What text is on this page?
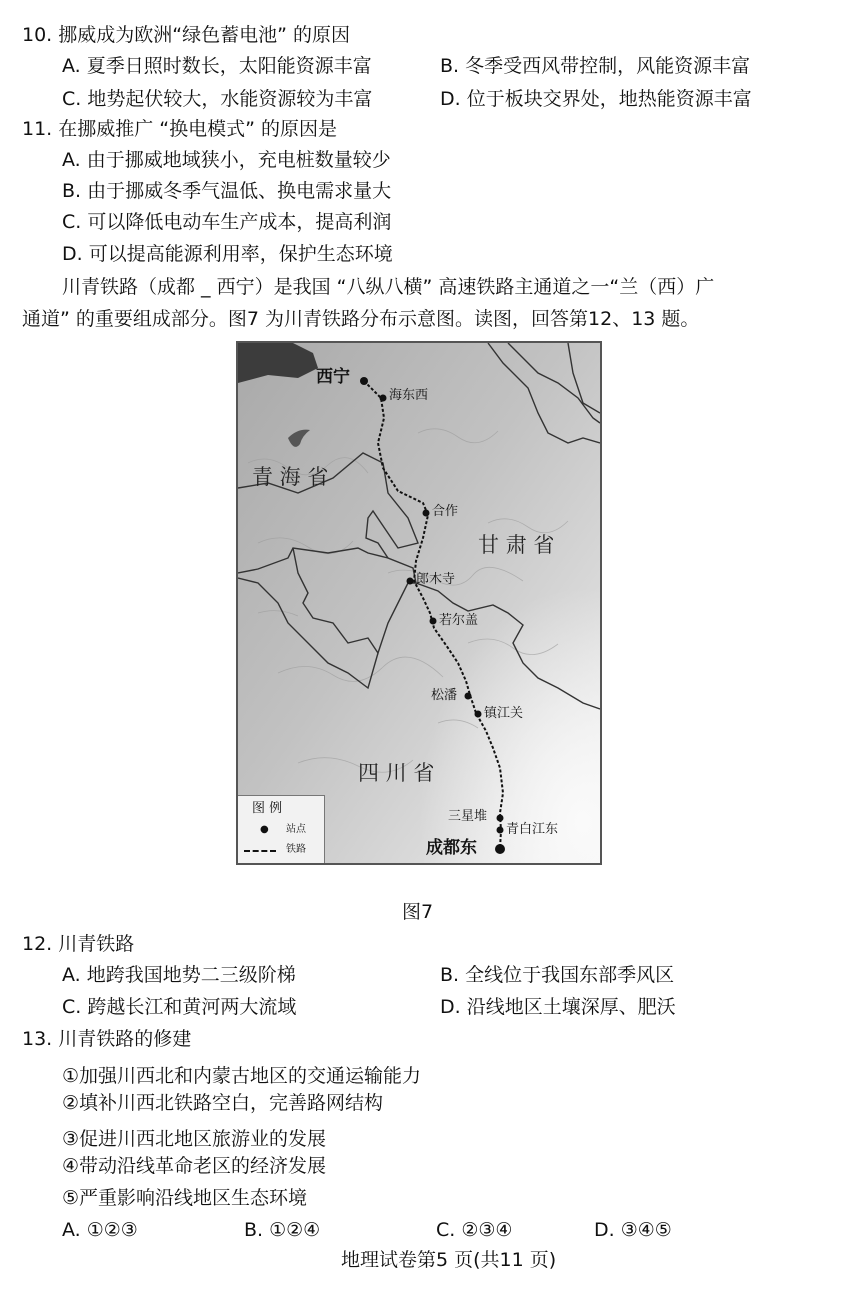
10. 挪威成为欧洲“绿色蓄电池” 的原因
A. 夏季日照时数长，太阳能资源丰富	B. 冬季受西风带控制，风能资源丰富
C. 地势起伏较大，水能资源较为丰富	D. 位于板块交界处，地热能资源丰富
11. 在挪威推广 “换电模式” 的原因是
A. 由于挪威地域狭小，充电桩数量较少
B. 由于挪威冬季气温低、换电需求量大
C. 可以降低电动车生产成本，提高利润
D. 可以提高能源利用率，保护生态环境
川青铁路（成都 _ 西宁）是我国 “八纵八横” 高速铁路主通道之一“兰（西）广
通道” 的重要组成部分。图7 为川青铁路分布示意图。读图，回答第12、13 题。
青 海 省
甘 肃 省
四 川 省
西宁
海东西
合作
郎木寺
若尔盖
松潘
镇江关
三星堆
青白江东
成都东
图 例
● 站点
铁路
图7
12. 川青铁路
A. 地跨我国地势二三级阶梯	B. 全线位于我国东部季风区
C. 跨越长江和黄河两大流域	D. 沿线地区土壤深厚、肥沃
13. 川青铁路的修建
①加强川西北和内蒙古地区的交通运输能力
②填补川西北铁路空白，完善路网结构
③促进川西北地区旅游业的发展
④带动沿线革命老区的经济发展
⑤严重影响沿线地区生态环境
A. ①②③	B. ①②④	C. ②③④	D. ③④⑤
地理试卷第5 页(共11 页)
